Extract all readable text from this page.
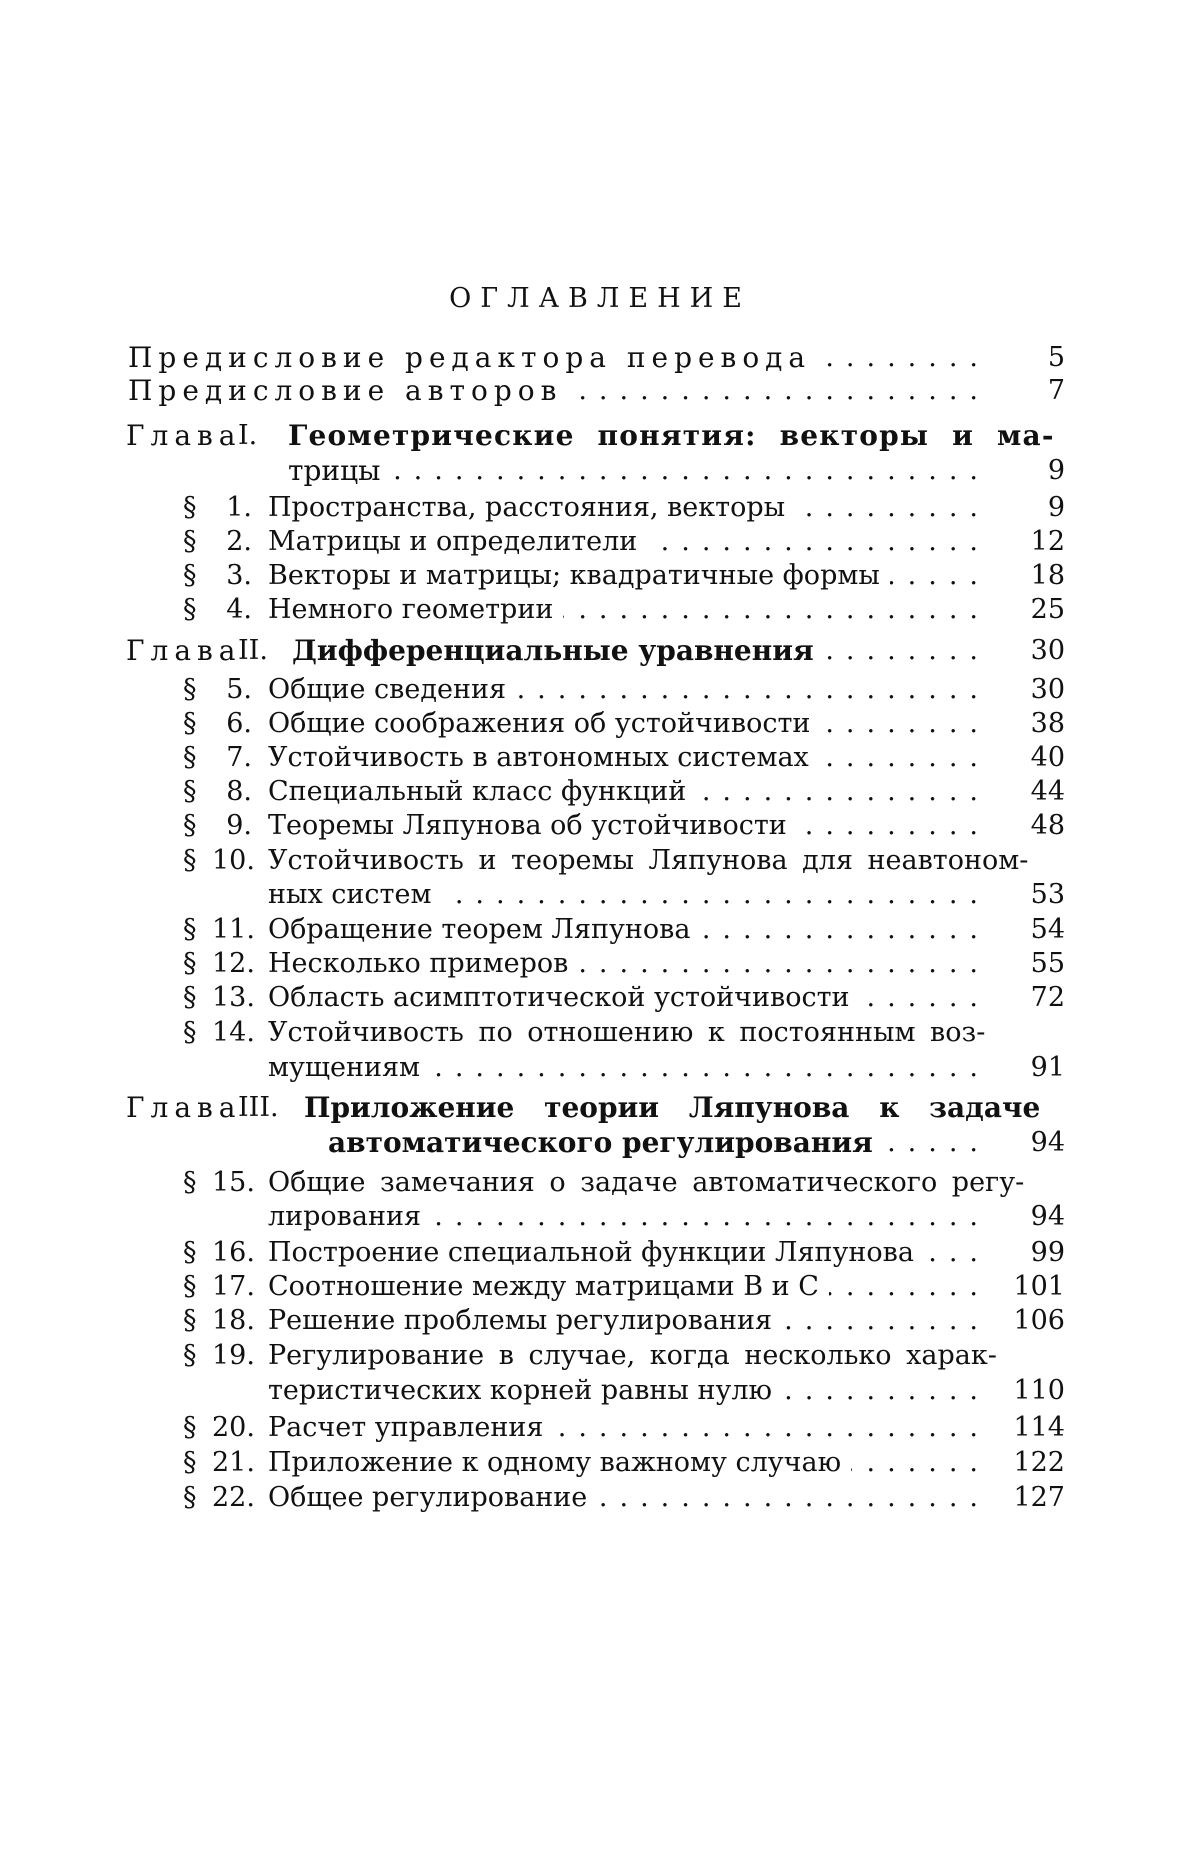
ОГЛАВЛЕНИЕ
Предисловие редактора перевода	........	5
Предисловие авторов	....................	7
Глава
I. Геометрические понятия: векторы и ма-
трицы	.............................	9
§	1. Пространства, расстояния, векторы	.........	9
§	2. Матрицы и определители	................	12
§	3. Векторы и матрицы; квадратичные формы	....	18
§	4. Немного геометрии	....................	25
Глава
II. Дифференциальные уравнения	........	30
§	5. Общие сведения	.......................	30
§	6. Общие соображения об устойчивости	........	38
§	7. Устойчивость в автономных системах	........	40
§	8. Специальный класс функций	..............	44
§	9. Теоремы Ляпунова об устойчивости	.........	48
§ 10. Устойчивость и теоремы Ляпунова для неавтоном-
ных систем	..........................	53
§ 11. Обращение теорем Ляпунова	..............	54
§ 12. Несколько примеров	....................	55
§ 13. Область асимптотической устойчивости	......	72
§ 14. Устойчивость по отношению к постоянным воз-
мущениям	...........................	91
Глава
III. Приложение теории Ляпунова к задаче
автоматического регулирования	.....	94
§ 15. Общие замечания о задаче автоматического регу-
лирования	...........................	94
§ 16. Построение специальной функции Ляпунова	...	99
§ 17. Соотношение между матрицами B и C	........	101
§ 18. Решение проблемы регулирования	..........	106
§ 19. Регулирование в случае, когда несколько харак-
теристических корней равны нулю	..........	110
§ 20. Расчет управления	.....................	114
§ 21. Приложение к одному важному случаю	......	122
§ 22. Общее регулирование	...................	127
